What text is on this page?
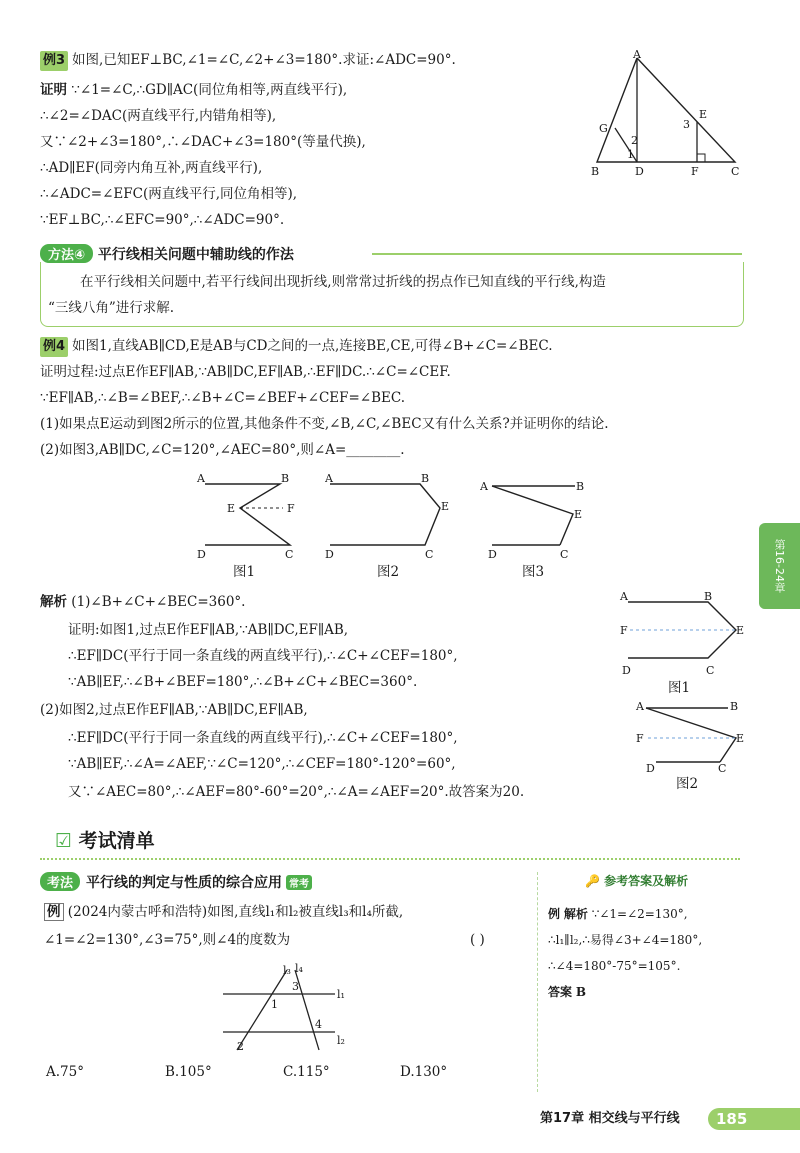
例3 如图,已知EF⊥BC,∠1=∠C,∠2+∠3=180°.求证:∠ADC=90°.
证明 ∵∠1=∠C,∴GD∥AC(同位角相等,两直线平行),
∴∠2=∠DAC(两直线平行,内错角相等),
又∵∠2+∠3=180°,∴∠DAC+∠3=180°(等量代换),
∴AD∥EF(同旁内角互补,两直线平行),
∴∠ADC=∠EFC(两直线平行,同位角相等),
∵EF⊥BC,∴∠EFC=90°,∴∠ADC=90°.
A
B	D	F	C
G
E
1
2
3
方法④ 平行线相关问题中辅助线的作法
在平行线相关问题中,若平行线间出现折线,则常常过折线的拐点作已知直线的平行线,构造
“三线八角”进行求解.
例4 如图1,直线AB∥CD,E是AB与CD之间的一点,连接BE,CE,可得∠B+∠C=∠BEC.
证明过程:过点E作EF∥AB,∵AB∥DC,EF∥AB,∴EF∥DC.∴∠C=∠CEF.
∵EF∥AB,∴∠B=∠BEF,∴∠B+∠C=∠BEF+∠CEF=∠BEC.
(1)如果点E运动到图2所示的位置,其他条件不变,∠B,∠C,∠BEC又有什么关系?并证明你的结论.
(2)如图3,AB∥DC,∠C=120°,∠AEC=80°,则∠A=________.
A	B
E	F
D	C
图1
A	B
E
D	C
图2
A	B
E
D	C
图3
解析 (1)∠B+∠C+∠BEC=360°.
证明:如图1,过点E作EF∥AB,∵AB∥DC,EF∥AB,
∴EF∥DC(平行于同一条直线的两直线平行),∴∠C+∠CEF=180°,
∵AB∥EF,∴∠B+∠BEF=180°,∴∠B+∠C+∠BEC=360°.
(2)如图2,过点E作EF∥AB,∵AB∥DC,EF∥AB,
∴EF∥DC(平行于同一条直线的两直线平行),∴∠C+∠CEF=180°,
∵AB∥EF,∴∠A=∠AEF,∵∠C=120°,∴∠CEF=180°-120°=60°,
又∵∠AEC=80°,∴∠AEF=80°-60°=20°,∴∠A=∠AEF=20°.故答案为20.
A	B
F	E
D	C
图1
A	B
F	E
D	C
图2
第16-24章
☑ 考试清单
考法 平行线的判定与性质的综合应用 常考
例 (2024内蒙古呼和浩特)如图,直线l₁和l₂被直线l₃和l₄所截,
∠1=∠2=130°,∠3=75°,则∠4的度数为	( )
l₃ l₄
l₁
l₂
3
1
4
2
A.75°	B.105°	C.115°	D.130°
🔑 参考答案及解析
例 解析 ∵∠1=∠2=130°,
∴l₁∥l₂,∴易得∠3+∠4=180°,
∴∠4=180°-75°=105°.
答案 B
第17章 相交线与平行线 185
